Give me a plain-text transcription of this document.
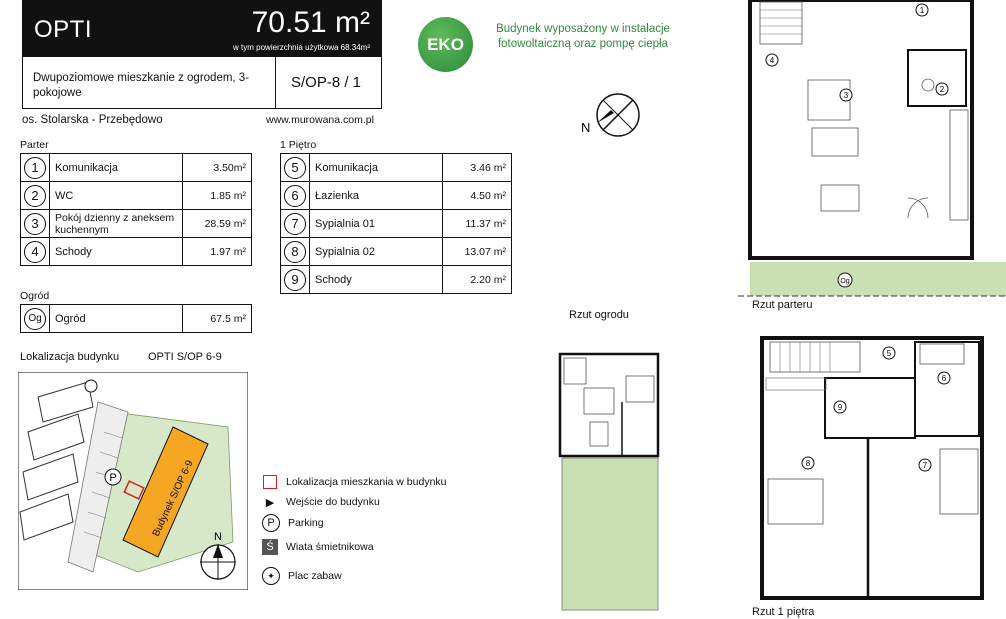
OPTI	70.51 m²
w tym powierzchnia użytkowa 68.34m²
Dwupoziomowe mieszkanie z ogrodem, 3-pokojowe
S/OP-8 / 1
os. Stolarska - Przebędowo	www.murowana.com.pl
EKO
Budynek wyposażony w instalacje fotowoltaiczną oraz pompę ciepła
N
Parter
1	Komunikacja	3.50m²
2	WC	1.85 m²
3	Pokój dzienny z aneksem kuchennym	28.59 m²
4	Schody	1.97 m²
Ogród
Og	Ogród	67.5 m²
1 Piętro
5	Komunikacja	3.46 m²
6	Łazienka	4.50 m²
7	Sypialnia 01	11.37 m²
8	Sypialnia 02	13.07 m²
9	Schody	2.20 m²
Lokalizacja budynku	OPTI S/OP 6-9
Budynek S/OP 6-9
P
N
Lokalizacja mieszkania w budynku
▶	Wejście do budynku
P Parking
Ś Wiata śmietnikowa
✦	Plac zabaw
Rzut ogrodu
1
2
3
4
Og
Rzut parteru
5
6
7
8
9
Rzut 1 piętra
